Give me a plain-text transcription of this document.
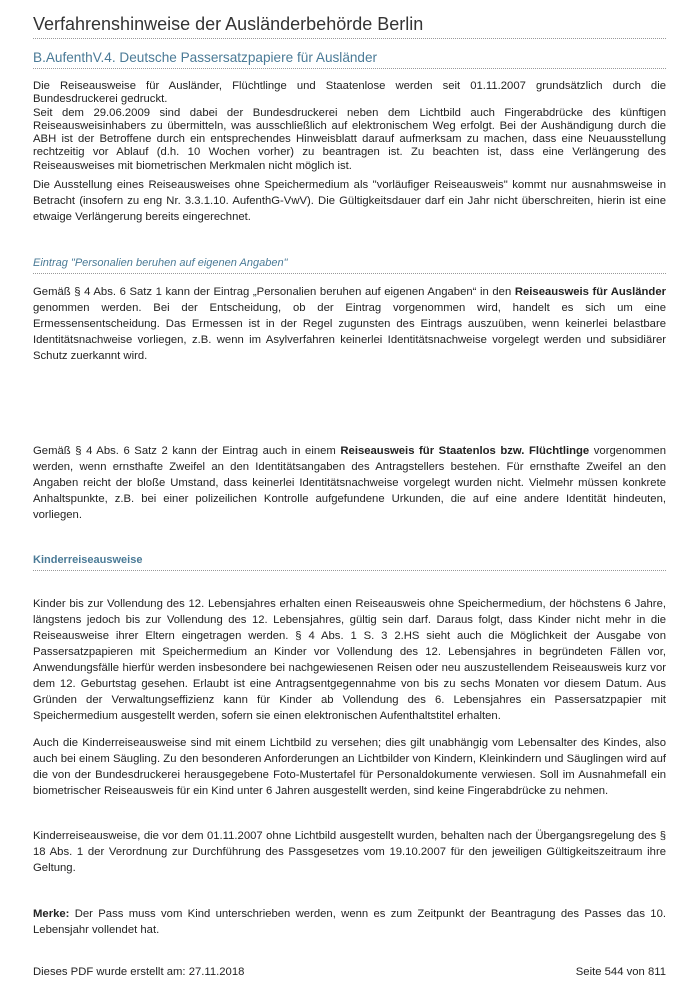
Verfahrenshinweise der Ausländerbehörde Berlin
B.AufenthV.4. Deutsche Passersatzpapiere für Ausländer

Die Reiseausweise für Ausländer, Flüchtlinge und Staatenlose werden seit 01.11.2007 grundsätzlich durch die Bundesdruckerei gedruckt.

Seit dem 29.06.2009 sind dabei der Bundesdruckerei neben dem Lichtbild auch Fingerabdrücke des künftigen Reiseausweisinhabers zu übermitteln, was ausschließlich auf elektronischem Weg erfolgt. Bei der Aushändigung durch die ABH ist der Betroffene durch ein entsprechendes Hinweisblatt darauf aufmerksam zu machen, dass eine Neuausstellung rechtzeitig vor Ablauf (d.h. 10 Wochen vorher) zu beantragen ist. Zu beachten ist, dass eine Verlängerung des Reiseausweises mit biometrischen Merkmalen nicht möglich ist.

Die Ausstellung eines Reiseausweises ohne Speichermedium als "vorläufiger Reiseausweis" kommt nur ausnahmsweise in Betracht (insofern zu eng Nr. 3.3.1.10. AufenthG-VwV). Die Gültigkeitsdauer darf ein Jahr nicht überschreiten, hierin ist eine etwaige Verlängerung bereits eingerechnet.

Eintrag "Personalien beruhen auf eigenen Angaben"

Gemäß § 4 Abs. 6 Satz 1 kann der Eintrag „Personalien beruhen auf eigenen Angaben“ in den Reiseausweis für Ausländer genommen werden. Bei der Entscheidung, ob der Eintrag vorgenommen wird, handelt es sich um eine Ermessensentscheidung. Das Ermessen ist in der Regel zugunsten des Eintrags auszuüben, wenn keinerlei belastbare Identitätsnachweise vorliegen, z.B. wenn im Asylverfahren keinerlei Identitätsnachweise vorgelegt werden und subsidiärer Schutz zuerkannt wird.

Gemäß § 4 Abs. 6 Satz 2 kann der Eintrag auch in einem Reiseausweis für Staatenlos bzw. Flüchtlinge vorgenommen werden, wenn ernsthafte Zweifel an den Identitätsangaben des Antragstellers bestehen. Für ernsthafte Zweifel an den Angaben reicht der bloße Umstand, dass keinerlei Identitätsnachweise vorgelegt wurden nicht. Vielmehr müssen konkrete Anhaltspunkte, z.B. bei einer polizeilichen Kontrolle aufgefundene Urkunden, die auf eine andere Identität hindeuten, vorliegen.

Kinderreiseausweise

Kinder bis zur Vollendung des 12. Lebensjahres erhalten einen Reiseausweis ohne Speichermedium, der höchstens 6 Jahre, längstens jedoch bis zur Vollendung des 12. Lebensjahres, gültig sein darf. Daraus folgt, dass Kinder nicht mehr in die Reiseausweise ihrer Eltern eingetragen werden. § 4 Abs. 1 S. 3 2.HS sieht auch die Möglichkeit der Ausgabe von Passersatzpapieren mit Speichermedium an Kinder vor Vollendung des 12. Lebensjahres in begründeten Fällen vor, Anwendungsfälle hierfür werden insbesondere bei nachgewiesenen Reisen oder neu auszustellendem Reiseausweis kurz vor dem 12. Geburtstag gesehen. Erlaubt ist eine Antragsentgegennahme von bis zu sechs Monaten vor diesem Datum. Aus Gründen der Verwaltungseffizienz kann für Kinder ab Vollendung des 6. Lebensjahres ein Passersatzpapier mit Speichermedium ausgestellt werden, sofern sie einen elektronischen Aufenthaltstitel erhalten.

Auch die Kinderreiseausweise sind mit einem Lichtbild zu versehen; dies gilt unabhängig vom Lebensalter des Kindes, also auch bei einem Säugling. Zu den besonderen Anforderungen an Lichtbilder von Kindern, Kleinkindern und Säuglingen wird auf die von der Bundesdruckerei herausgegebene Foto-Mustertafel für Personaldokumente verwiesen. Soll im Ausnahmefall ein biometrischer Reiseausweis für ein Kind unter 6 Jahren ausgestellt werden, sind keine Fingerabdrücke zu nehmen.

Kinderreiseausweise, die vor dem 01.11.2007 ohne Lichtbild ausgestellt wurden, behalten nach der Übergangsregelung des § 18 Abs. 1 der Verordnung zur Durchführung des Passgesetzes vom 19.10.2007 für den jeweiligen Gültigkeitszeitraum ihre Geltung.

Merke: Der Pass muss vom Kind unterschrieben werden, wenn es zum Zeitpunkt der Beantragung des Passes das 10. Lebensjahr vollendet hat.

Dieses PDF wurde erstellt am: 27.11.2018	Seite 544 von 811
